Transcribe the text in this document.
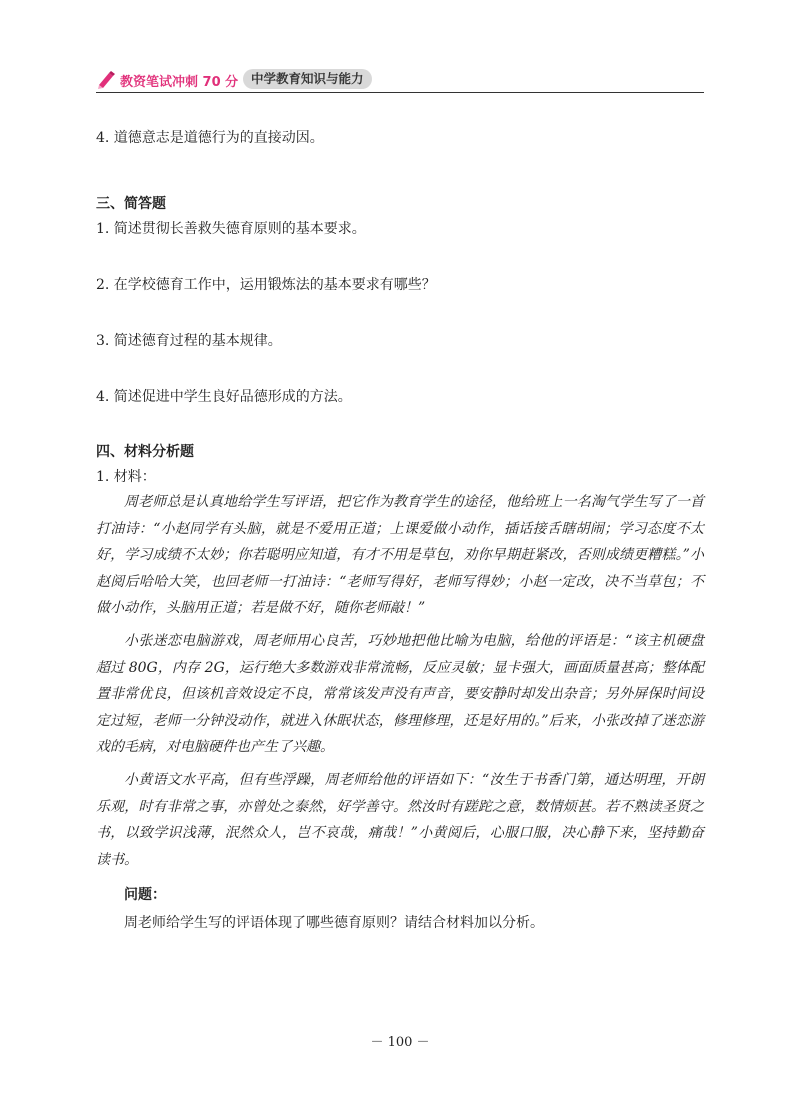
教资笔试冲刺 70 分	中学教育知识与能力
4. 道德意志是道德行为的直接动因。
三、简答题
1. 简述贯彻长善救失德育原则的基本要求。
2. 在学校德育工作中，运用锻炼法的基本要求有哪些？
3. 简述德育过程的基本规律。
4. 简述促进中学生良好品德形成的方法。
四、材料分析题
1. 材料：

周老师总是认真地给学生写评语，把它作为教育学生的途径，他给班上一名淘气学生写了一首打油诗：“小赵同学有头脑，就是不爱用正道；上课爱做小动作，插话接舌瞎胡闹；学习态度不太好，学习成绩不太妙；你若聪明应知道，有才不用是草包，劝你早期赶紧改，否则成绩更糟糕。”小赵阅后哈哈大笑，也回老师一打油诗：“老师写得好，老师写得妙；小赵一定改，决不当草包；不做小动作，头脑用正道；若是做不好，随你老师敲！”

小张迷恋电脑游戏，周老师用心良苦，巧妙地把他比喻为电脑，给他的评语是：“该主机硬盘超过 80G，内存 2G，运行绝大多数游戏非常流畅，反应灵敏；显卡强大，画面质量甚高；整体配置非常优良，但该机音效设定不良，常常该发声没有声音，要安静时却发出杂音；另外屏保时间设定过短，老师一分钟没动作，就进入休眠状态，修理修理，还是好用的。”后来，小张改掉了迷恋游戏的毛病，对电脑硬件也产生了兴趣。

小黄语文水平高，但有些浮躁，周老师给他的评语如下：“汝生于书香门第，通达明理，开朗乐观，时有非常之事，亦曾处之泰然，好学善守。然汝时有蹉跎之意，数情烦甚。若不熟读圣贤之书，以致学识浅薄，泯然众人，岂不哀哉，痛哉！”小黄阅后，心服口服，决心静下来，坚持勤奋读书。

问题：
周老师给学生写的评语体现了哪些德育原则？请结合材料加以分析。
－ 100 －
